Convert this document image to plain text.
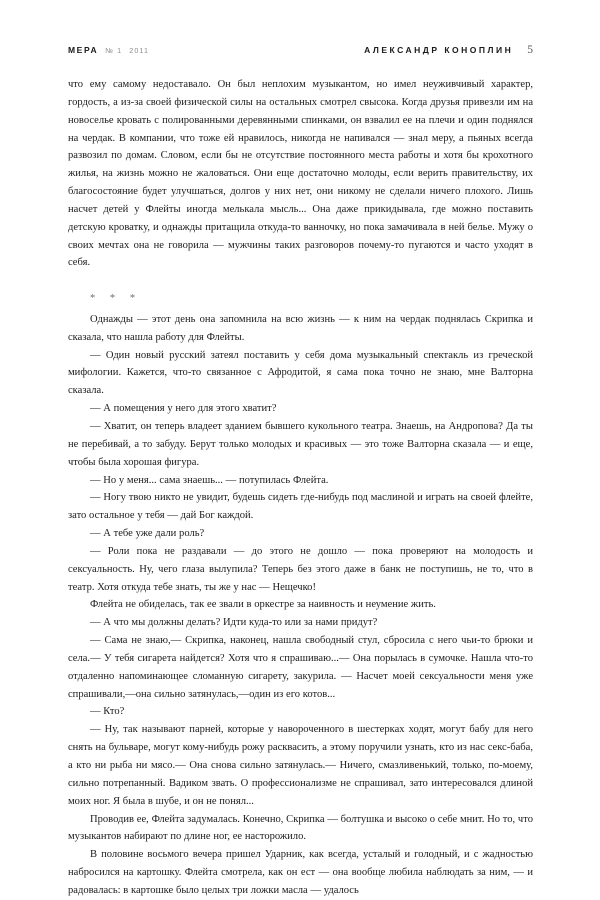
МЕРА № 1 2011	АЛЕКСАНДР КОНОПЛИН 5

что ему самому недоставало. Он был неплохим музыкантом, но имел неуживчивый характер, гордость, а из-за своей физической силы на остальных смотрел свысока. Когда друзья привезли им на новоселье кровать с полированными деревянными спинками, он взвалил ее на плечи и один поднялся на чердак. В компании, что тоже ей нравилось, никогда не напивался — знал меру, а пьяных всегда развозил по домам. Словом, если бы не отсутствие постоянного места работы и хотя бы крохотного жилья, на жизнь можно не жаловаться. Они еще достаточно молоды, если верить правительству, их благосостояние будет улучшаться, долгов у них нет, они никому не сделали ничего плохого. Лишь насчет детей у Флейты иногда мелькала мысль... Она даже прикидывала, где можно поставить детскую кроватку, и однажды притащила откуда-то ванночку, но пока замачивала в ней белье. Мужу о своих мечтах она не говорила — мужчины таких разговоров почему-то пугаются и часто уходят в себя.

* * *

Однажды — этот день она запомнила на всю жизнь — к ним на чердак поднялась Скрипка и сказала, что нашла работу для Флейты.

— Один новый русский затеял поставить у себя дома музыкальный спектакль из греческой мифологии. Кажется, что-то связанное с Афродитой, я сама пока точно не знаю, мне Валторна сказала.

— А помещения у него для этого хватит?

— Хватит, он теперь владеет зданием бывшего кукольного театра. Знаешь, на Андропова? Да ты не перебивай, а то забуду. Берут только молодых и красивых — это тоже Валторна сказала — и еще, чтобы была хорошая фигура.

— Но у меня... сама знаешь... — потупилась Флейта.

— Ногу твою никто не увидит, будешь сидеть где-нибудь под маслиной и играть на своей флейте, зато остальное у тебя — дай Бог каждой.

— А тебе уже дали роль?

— Роли пока не раздавали — до этого не дошло — пока проверяют на молодость и сексуальность. Ну, чего глаза вылупила? Теперь без этого даже в банк не поступишь, не то, что в театр. Хотя откуда тебе знать, ты же у нас — Нещечко!

Флейта не обиделась, так ее звали в оркестре за наивность и неумение жить.

— А что мы должны делать? Идти куда-то или за нами придут?

— Сама не знаю,— Скрипка, наконец, нашла свободный стул, сбросила с него чьи-то брюки и села.— У тебя сигарета найдется? Хотя что я спрашиваю...— Она порылась в сумочке. Нашла что-то отдаленно напоминающее сломанную сигарету, закурила. — Насчет моей сексуальности меня уже спрашивали,—она сильно затянулась,—один из его котов...

— Кто?

— Ну, так называют парней, которые у навороченного в шестерках ходят, могут бабу для него снять на бульваре, могут кому-нибудь рожу расквасить, а этому поручили узнать, кто из нас секс-баба, а кто ни рыба ни мясо.— Она снова сильно затянулась.— Ничего, смазливенький, только, по-моему, сильно потрепанный. Вадиком звать. О профессионализме не спрашивал, зато интересовался длиной моих ног. Я была в шубе, и он не понял...

Проводив ее, Флейта задумалась. Конечно, Скрипка — болтушка и высоко о себе мнит. Но то, что музыкантов набирают по длине ног, ее насторожило.

В половине восьмого вечера пришел Ударник, как всегда, усталый и голодный, и с жадностью набросился на картошку. Флейта смотрела, как он ест — она вообще любила наблюдать за ним, — и радовалась: в картошке было целых три ложки масла — удалось
